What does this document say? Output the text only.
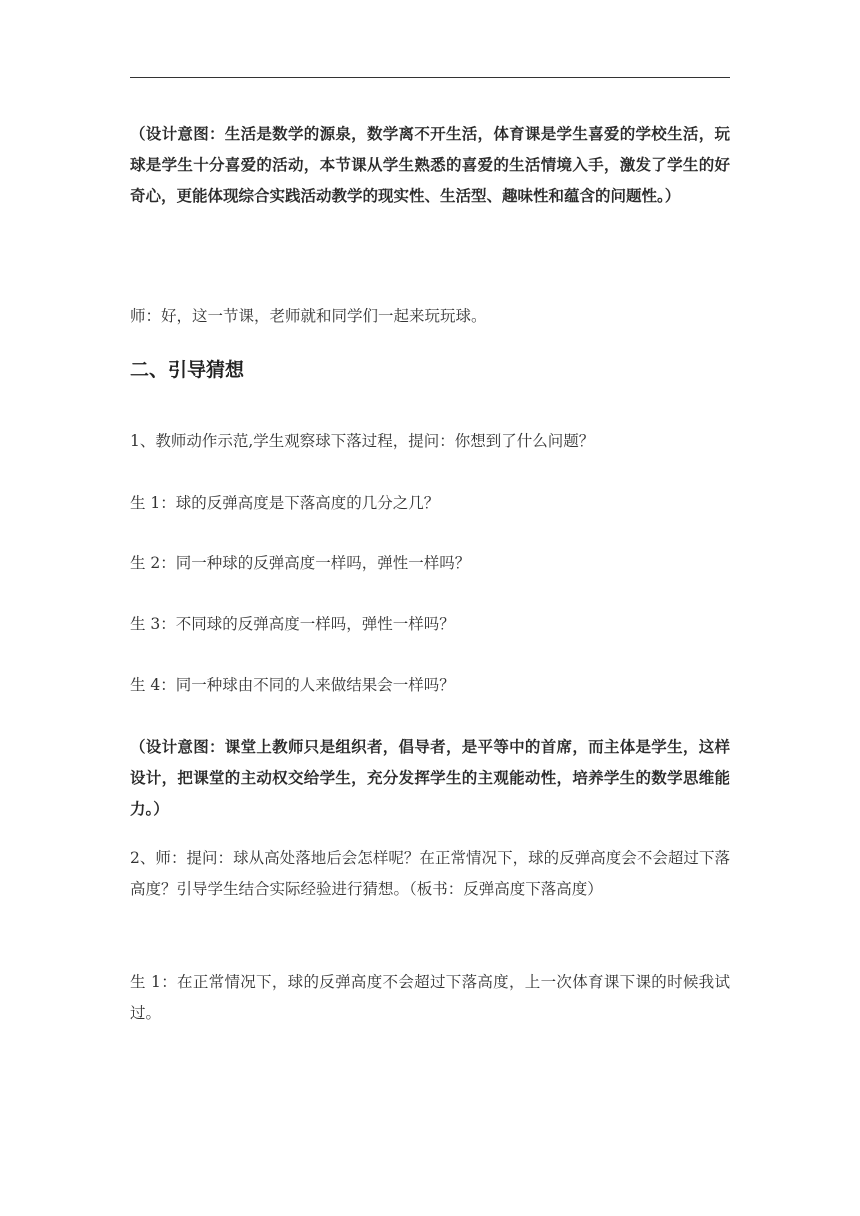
（设计意图：生活是数学的源泉，数学离不开生活，体育课是学生喜爱的学校生活，玩球是学生十分喜爱的活动，本节课从学生熟悉的喜爱的生活情境入手，激发了学生的好奇心，更能体现综合实践活动教学的现实性、生活型、趣味性和蕴含的问题性。）

师：好，这一节课，老师就和同学们一起来玩玩球。

二、引导猜想

1、教师动作示范,学生观察球下落过程，提问：你想到了什么问题？

生 1：球的反弹高度是下落高度的几分之几？

生 2：同一种球的反弹高度一样吗，弹性一样吗？

生 3：不同球的反弹高度一样吗，弹性一样吗？

生 4：同一种球由不同的人来做结果会一样吗？

（设计意图：课堂上教师只是组织者，倡导者，是平等中的首席，而主体是学生，这样设计，把课堂的主动权交给学生，充分发挥学生的主观能动性，培养学生的数学思维能力。）

2、师：提问：球从高处落地后会怎样呢？在正常情况下，球的反弹高度会不会超过下落高度？引导学生结合实际经验进行猜想。（板书：反弹高度下落高度）

生 1：在正常情况下，球的反弹高度不会超过下落高度，上一次体育课下课的时候我试过。
